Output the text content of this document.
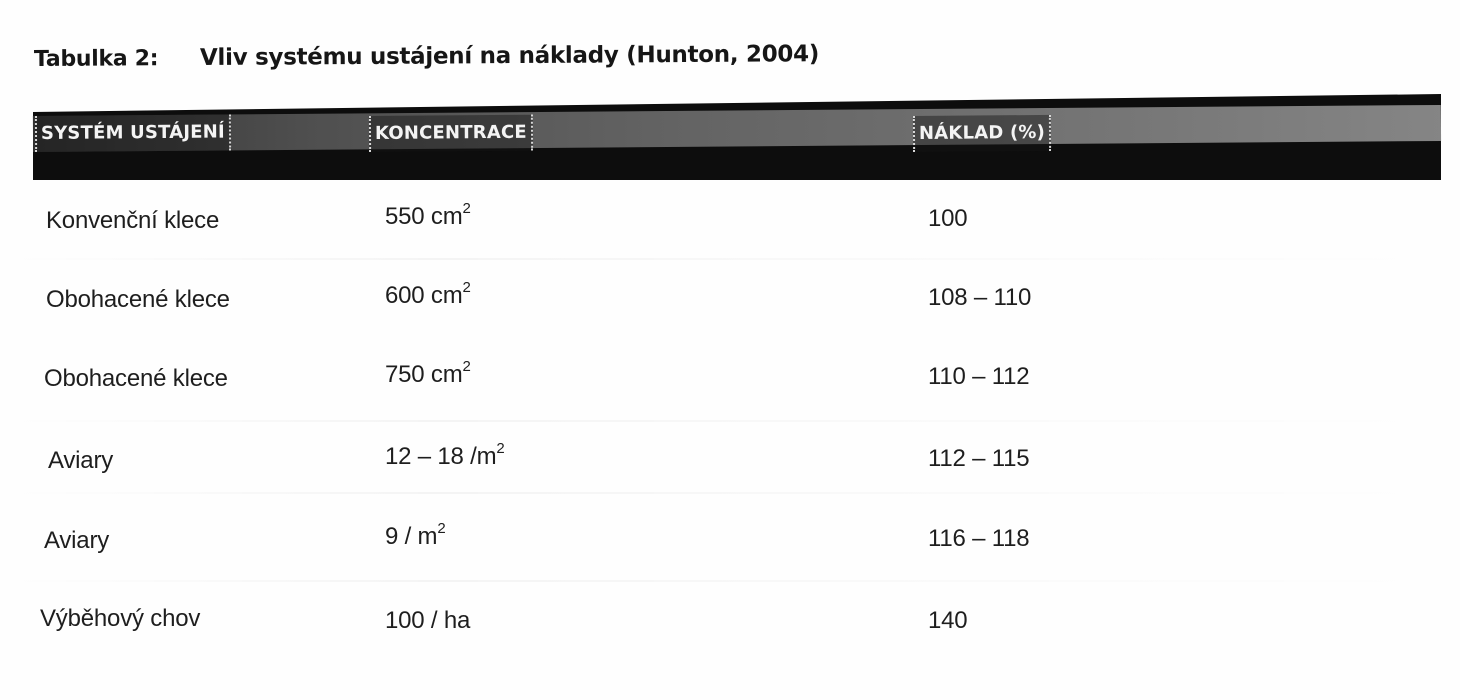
Tabulka 2:	Vliv systému ustájení na náklady (Hunton, 2004)
SYSTÉM USTÁJENÍ	KONCENTRACE	NÁKLAD (%)
Konvenční klece	550 $cm^2$	100
Obohacené klece	600 $cm^2$	108 – 110
Obohacené klece	750 $cm^2$	110 – 112
Aviary	12 – 18 $/m^2$	112 – 115
Aviary	$9 / m^2$	116 – 118
Výběhový chov	100 / ha	140
